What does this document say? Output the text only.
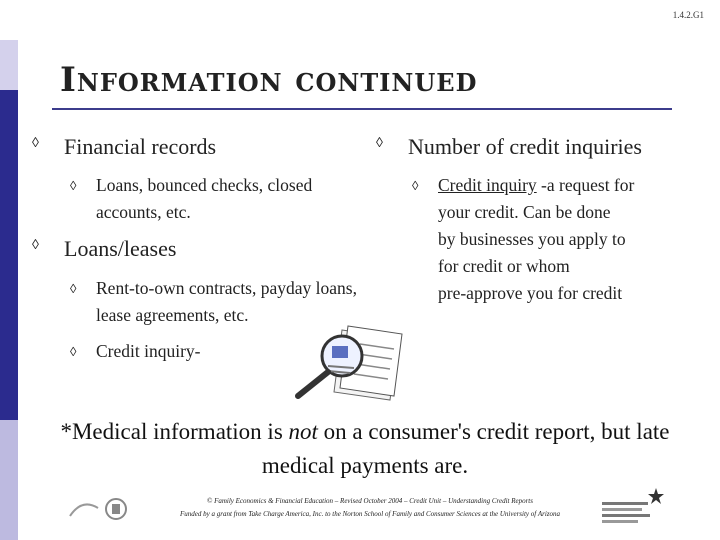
1.4.2.G1
Information continued
◊ Financial records
◊ Loans, bounced checks, closed accounts, etc.
◊ Loans/leases
◊ Rent-to-own contracts, payday loans, lease agreements, etc.
◊ Credit inquiry-
◊ Number of credit inquiries
◊ Credit inquiry -a request for
your credit. Can be done
by businesses you apply to
for credit or whom
pre-approve you for credit
*Medical information is not on a consumer's credit report, but late medical payments are.
© Family Economics & Financial Education – Revised October 2004 – Credit Unit – Understanding Credit Reports
Funded by a grant from Take Charge America, Inc. to the Norton School of Family and Consumer Sciences at the University of Arizona
